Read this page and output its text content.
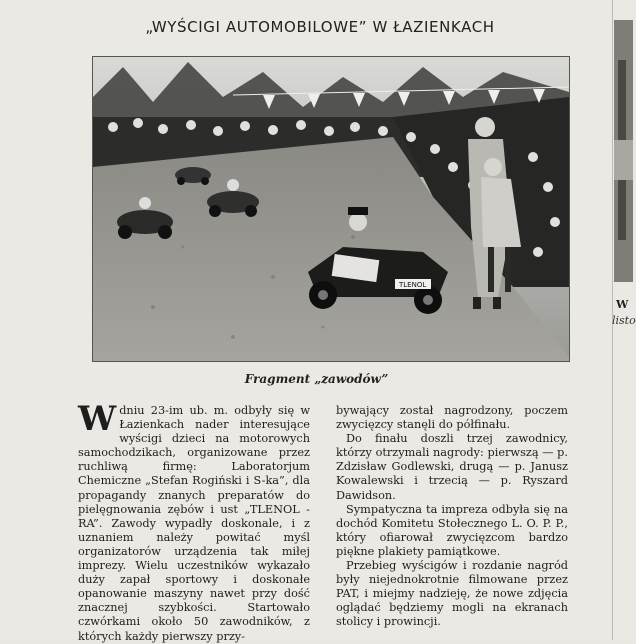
„WYŚCIGI AUTOMOBILOWE” W ŁAZIENKACH
TLENOL
Fragment „zawodów”

Wdniu 23-im ub. m. odbyły się w Łazienkach nader interesujące wyścigi dzieci na motorowych samochodzikach, organizowane przez ruchliwą firmę: Laboratorjum Chemiczne „Stefan Rogiński i S-ka”, dla propagandy znanych preparatów do pielęgnowania zębów i ust „TLENOL - RA”. Zawody wypadły doskonale, i z uznaniem należy powitać myśl organizatorów urządzenia tak miłej imprezy. Wielu uczestników wykazało duży zapał sportowy i doskonałe opanowanie maszyny nawet przy dość znacznej szybkości. Startowało czwórkami około 50 zawodników, z których każdy pierwszy przy-

bywający został nagrodzony, poczem zwycięzcy stanęli do półfinału.

Do finału doszli trzej zawodnicy, którzy otrzymali nagrody: pierwszą — p. Zdzisław Godlewski, drugą — p. Janusz Kowalewski i trzecią — p. Ryszard Dawidson.

Sympatyczna ta impreza odbyła się na dochód Komitetu Stołecznego L. O. P. P., który ofiarował zwycięzcom bardzo piękne plakiety pamiątkowe.

Przebieg wyścigów i rozdanie nagród były niejednokrotnie filmowane przez PAT, i miejmy nadzieję, że nowe zdjęcia oglądać będziemy mogli na ekranach stolicy i prowincji.

W
listo
